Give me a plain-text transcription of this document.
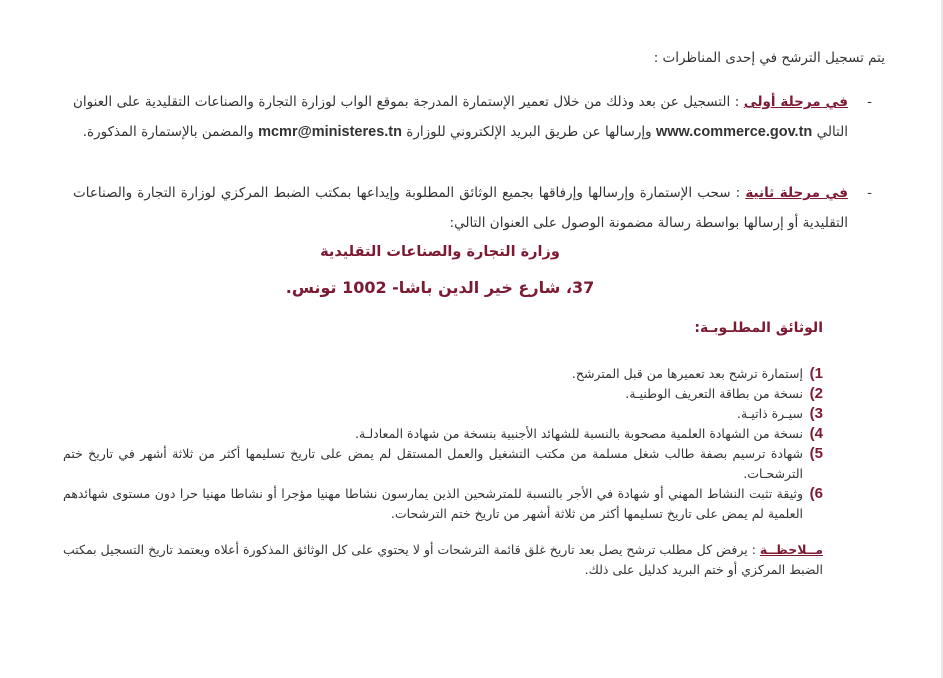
يتم تسجيل الترشح في إحدى المناظرات :
-
في مرحلة أولى : التسجيل عن بعد وذلك من خلال تعمير الإستمارة المدرجة بموقع الواب لوزارة التجارة والصناعات التقليدية على العنوان التالي www.commerce.gov.tn وإرسالها عن طريق البريد الإلكتروني للوزارة mcmr@ministeres.tn والمضمن بالإستمارة المذكورة.
-
في مرحلة ثانية : سحب الإستمارة وإرسالها وإرفاقها بجميع الوثائق المطلوبة وإيداعها بمكتب الضبط المركزي لوزارة التجارة والصناعات التقليدية أو إرسالها بواسطة رسالة مضمونة الوصول على العنوان التالي:
وزارة التجارة والصناعات التقليدية
37، شارع خير الدين باشا- 1002 تونس.
الوثائق المطلـوبـة:
1)
إستمارة ترشح بعد تعميرها من قبل المترشح.
2)
نسخة من بطاقة التعريف الوطنيـة.
3)
سيـرة ذاتيـة.
4)
نسخة من الشهادة العلمية مصحوبة بالنسبة للشهائد الأجنبية بنسخة من شهادة المعادلـة.
5)
شهادة ترسيم بصفة طالب شغل مسلمة من مكتب التشغيل والعمل المستقل لم يمض على تاريخ تسليمها أكثر من ثلاثة أشهر في تاريخ ختم الترشحـات.
6)
وثيقة تثبت النشاط المهني أو شهادة في الأجر بالنسبة للمترشحين الذين يمارسون نشاطا مهنيا مؤجرا أو نشاطا مهنيا حرا دون مستوى شهائدهم العلمية لم يمض على تاريخ تسليمها أكثر من ثلاثة أشهر من تاريخ ختم الترشحات.
مــلاحظــة : يرفض كل مطلب ترشح يصل بعد تاريخ غلق قائمة الترشحات أو لا يحتوي على كل الوثائق المذكورة أعلاه ويعتمد تاريخ التسجيل بمكتب الضبط المركزي أو ختم البريد كدليل على ذلك.
